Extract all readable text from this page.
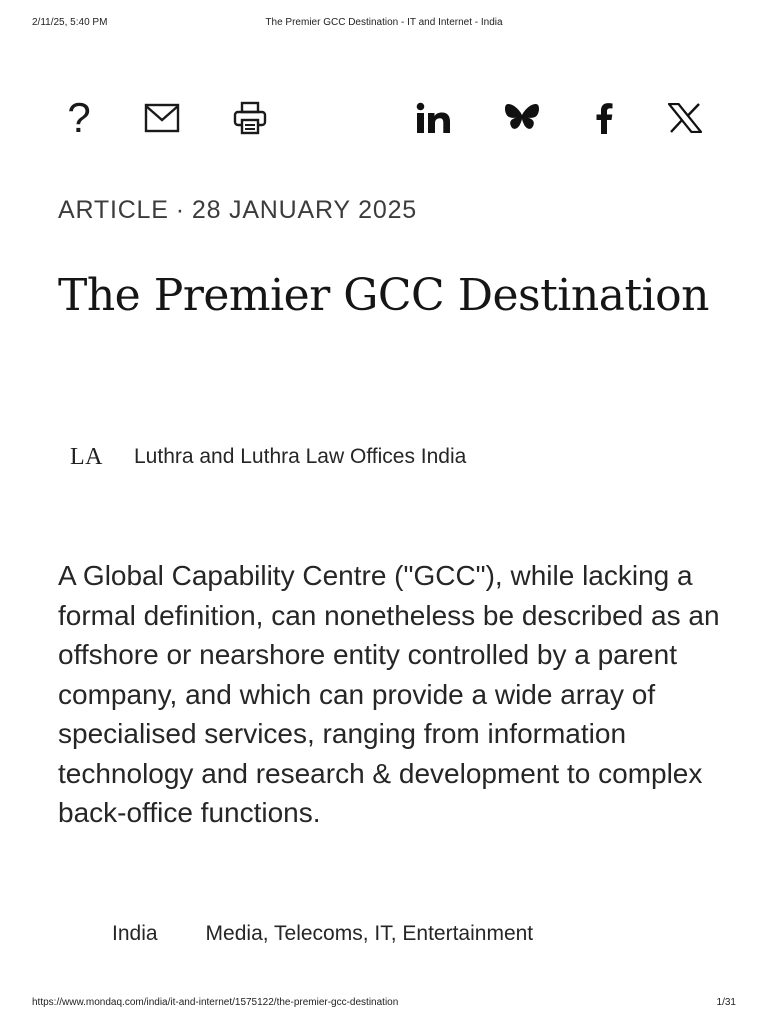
2/11/25, 5:40 PM	The Premier GCC Destination - IT and Internet - India
?
ARTICLE · 28 JANUARY 2025
The Premier GCC Destination
LA	Luthra and Luthra Law Offices India

A Global Capability Centre ("GCC"), while lacking a formal definition, can nonetheless be described as an offshore or nearshore entity controlled by a parent company, and which can provide a wide array of specialised services, ranging from information technology and research & development to complex back-office functions.

India Media, Telecoms, IT, Entertainment
https://www.mondaq.com/india/it-and-internet/1575122/the-premier-gcc-destination	1/31
